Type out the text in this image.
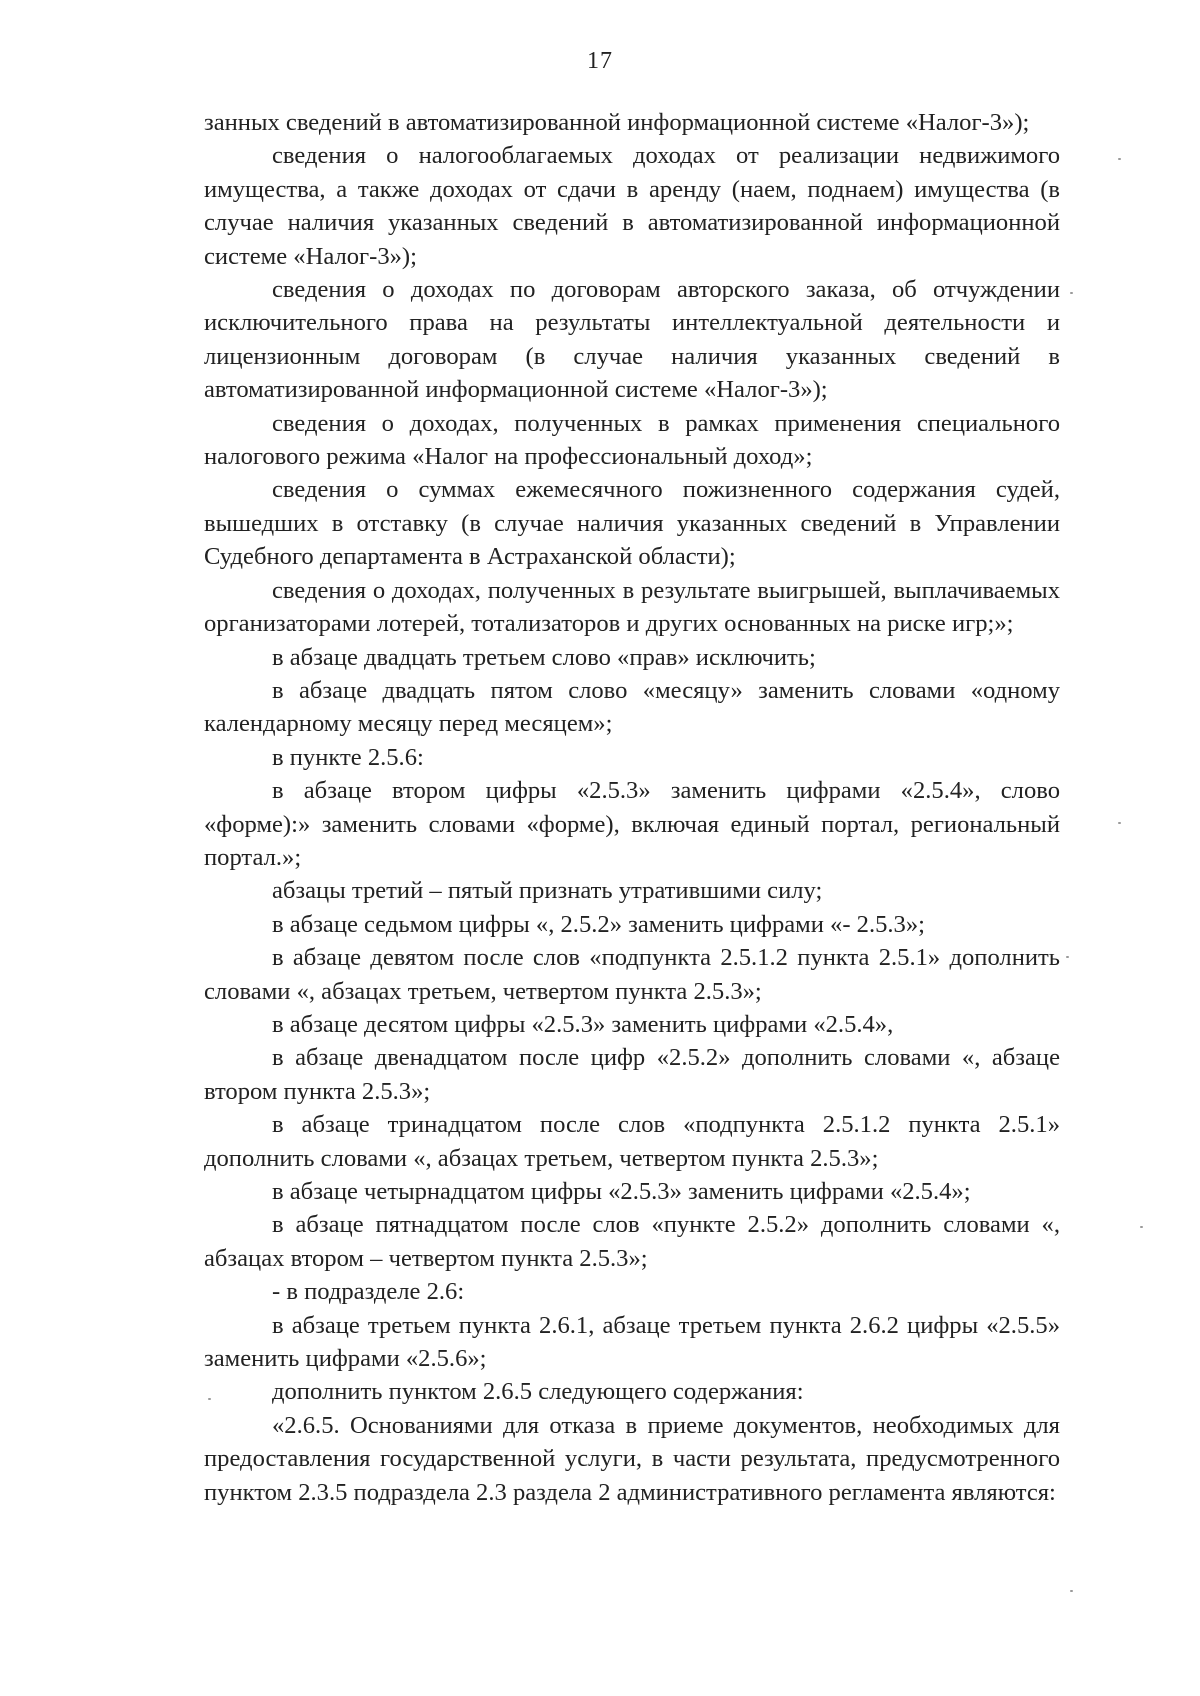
17

занных сведений в автоматизированной информационной системе «Налог-3»);

сведения о налогооблагаемых доходах от реализации недвижимого имущества, а также доходах от сдачи в аренду (наем, поднаем) имущества (в случае наличия указанных сведений в автоматизированной информационной системе «Налог-3»);

сведения о доходах по договорам авторского заказа, об отчуждении исключительного права на результаты интеллектуальной деятельности и лицензионным договорам (в случае наличия указанных сведений в автоматизированной информационной системе «Налог-3»);

сведения о доходах, полученных в рамках применения специального налогового режима «Налог на профессиональный доход»;

сведения о суммах ежемесячного пожизненного содержания судей, вышедших в отставку (в случае наличия указанных сведений в Управлении Судебного департамента в Астраханской области);

сведения о доходах, полученных в результате выигрышей, выплачиваемых организаторами лотерей, тотализаторов и других основанных на риске игр;»;

в абзаце двадцать третьем слово «прав» исключить;

в абзаце двадцать пятом слово «месяцу» заменить словами «одному календарному месяцу перед месяцем»;

в пункте 2.5.6:

в абзаце втором цифры «2.5.3» заменить цифрами «2.5.4», слово «форме):» заменить словами «форме), включая единый портал, региональный портал.»;

абзацы третий – пятый признать утратившими силу;

в абзаце седьмом цифры «, 2.5.2» заменить цифрами «- 2.5.3»;

в абзаце девятом после слов «подпункта 2.5.1.2 пункта 2.5.1» дополнить словами «, абзацах третьем, четвертом пункта 2.5.3»;

в абзаце десятом цифры «2.5.3» заменить цифрами «2.5.4»,

в абзаце двенадцатом после цифр «2.5.2» дополнить словами «, абзаце втором пункта 2.5.3»;

в абзаце тринадцатом после слов «подпункта 2.5.1.2 пункта 2.5.1» дополнить словами «, абзацах третьем, четвертом пункта 2.5.3»;

в абзаце четырнадцатом цифры «2.5.3» заменить цифрами «2.5.4»;

в абзаце пятнадцатом после слов «пункте 2.5.2» дополнить словами «, абзацах втором – четвертом пункта 2.5.3»;

- в подразделе 2.6:

в абзаце третьем пункта 2.6.1, абзаце третьем пункта 2.6.2 цифры «2.5.5» заменить цифрами «2.5.6»;

дополнить пунктом 2.6.5 следующего содержания:

«2.6.5. Основаниями для отказа в приеме документов, необходимых для предоставления государственной услуги, в части результата, предусмотренного пунктом 2.3.5 подраздела 2.3 раздела 2 административного регламента являются:
